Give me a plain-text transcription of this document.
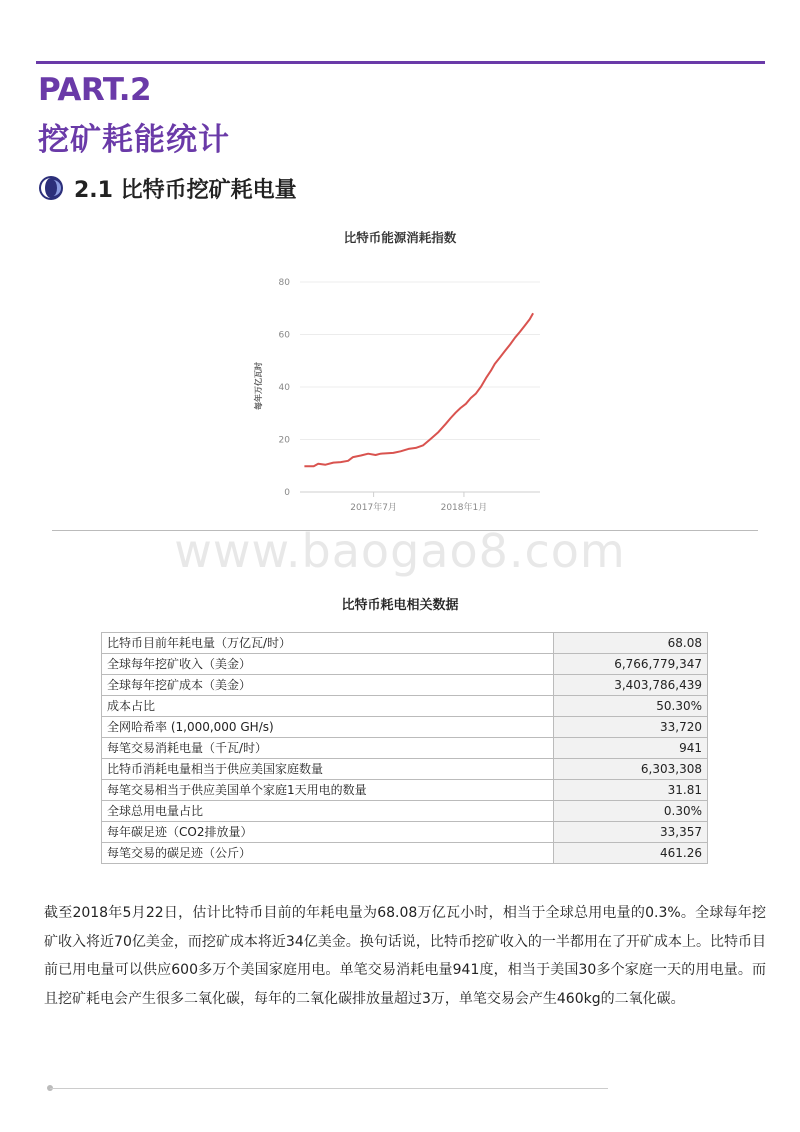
PART.2
挖矿耗能统计
2.1 比特币挖矿耗电量
比特币能源消耗指数
0
20
40
60
80
2017年7月	2018年1月
每年万亿瓦时
www.baogao8.com
比特币耗电相关数据
比特币目前年耗电量（万亿瓦/时）	68.08
全球每年挖矿收入（美金）	6,766,779,347
全球每年挖矿成本（美金）	3,403,786,439
成本占比	50.30%
全网哈希率 (1,000,000 GH/s)	33,720
每笔交易消耗电量（千瓦/时）	941
比特币消耗电量相当于供应美国家庭数量	6,303,308
每笔交易相当于供应美国单个家庭1天用电的数量	31.81
全球总用电量占比	0.30%
每年碳足迹（CO2排放量）	33,357
每笔交易的碳足迹（公斤）	461.26
截至2018年5月22日，估计比特币目前的年耗电量为68.08万亿瓦小时，相当于全球总用电量的0.3%。全球每年挖矿收入将近70亿美金，而挖矿成本将近34亿美金。换句话说，比特币挖矿收入的一半都用在了开矿成本上。比特币目前已用电量可以供应600多万个美国家庭用电。单笔交易消耗电量941度，相当于美国30多个家庭一天的用电量。而且挖矿耗电会产生很多二氧化碳，每年的二氧化碳排放量超过3万，单笔交易会产生460kg的二氧化碳。
